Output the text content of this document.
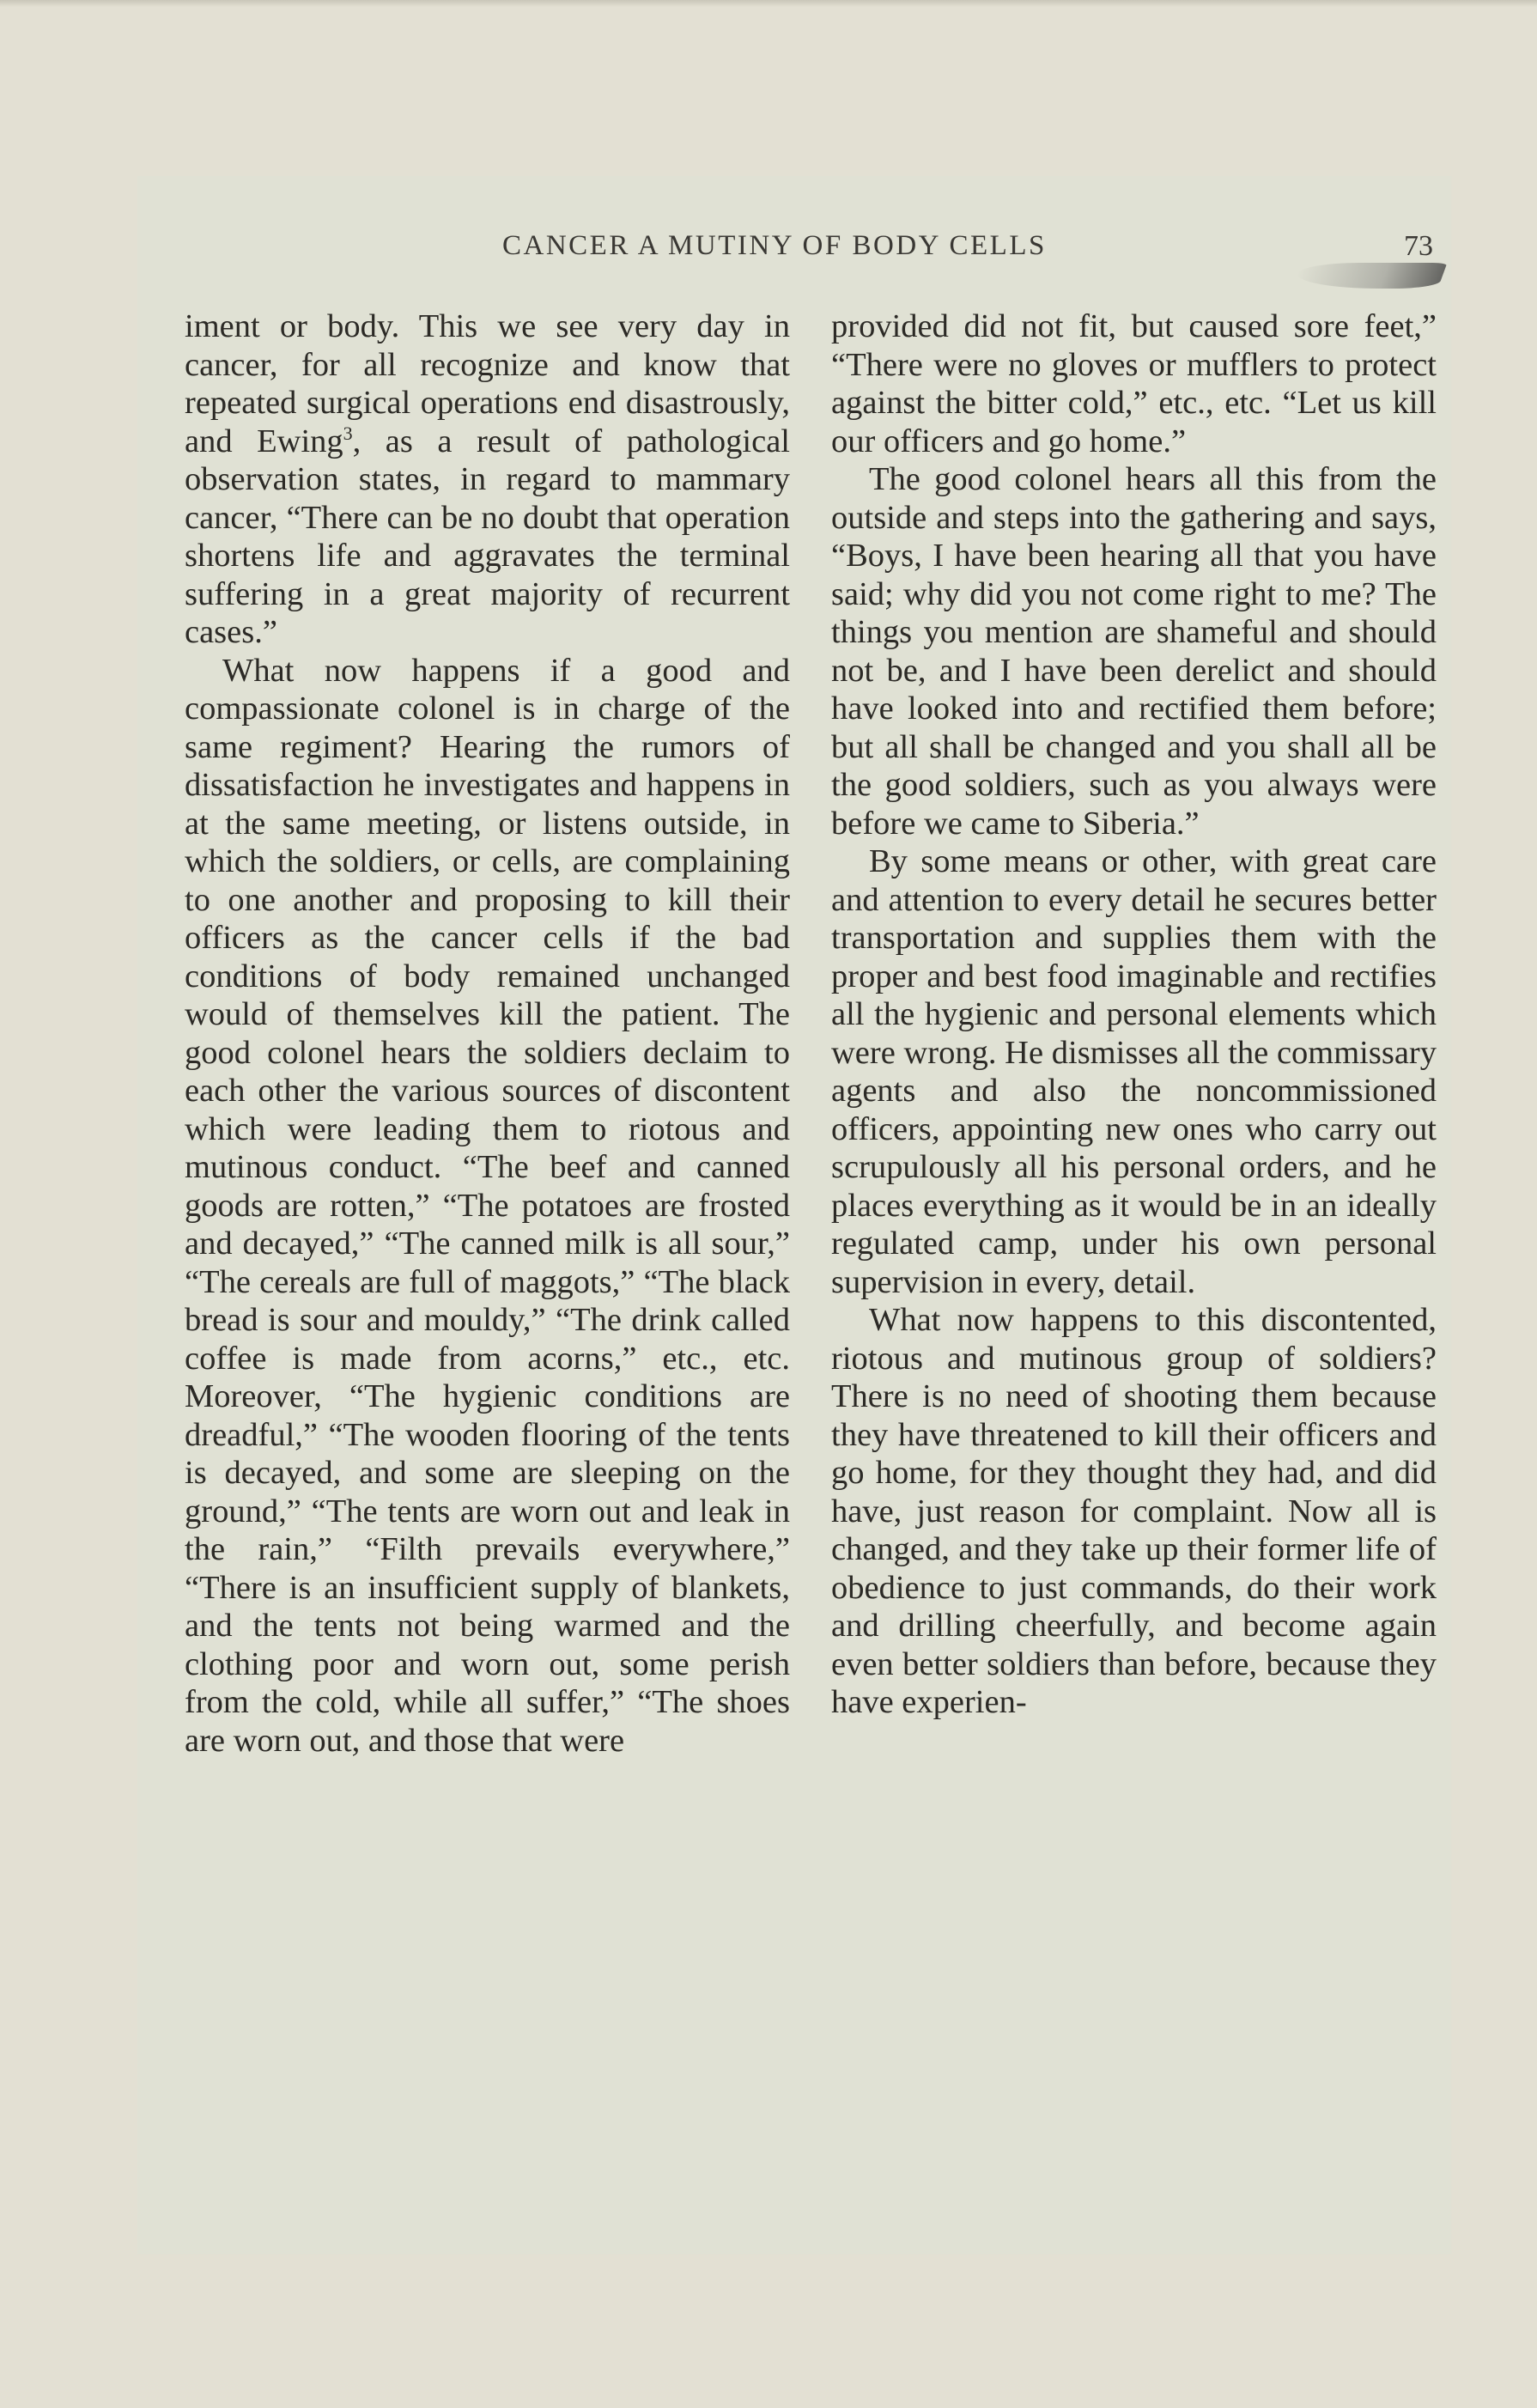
CANCER A MUTINY OF BODY CELLS	73

iment or body. This we see very day in cancer, for all recognize and know that repeated surgical operations end disastrously, and Ewing$^3$, as a result of pathological observation states, in regard to mammary cancer, “There can be no doubt that operation shortens life and aggravates the terminal suffering in a great majority of recurrent cases.”

What now happens if a good and compassionate colonel is in charge of the same regiment? Hearing the rumors of dissatisfaction he investigates and happens in at the same meeting, or listens outside, in which the soldiers, or cells, are complaining to one another and proposing to kill their officers as the cancer cells if the bad conditions of body remained unchanged would of themselves kill the patient. The good colonel hears the soldiers declaim to each other the various sources of discontent which were leading them to riotous and mutinous conduct. “The beef and canned goods are rotten,” “The potatoes are frosted and decayed,” “The canned milk is all sour,” “The cereals are full of maggots,” “The black bread is sour and mouldy,” “The drink called coffee is made from acorns,” etc., etc. Moreover, “The hygienic conditions are dreadful,” “The wooden flooring of the tents is decayed, and some are sleeping on the ground,” “The tents are worn out and leak in the rain,” “Filth prevails everywhere,” “There is an insufficient supply of blankets, and the tents not being warmed and the clothing poor and worn out, some perish from the cold, while all suffer,” “The shoes are worn out, and those that were

provided did not fit, but caused sore feet,” “There were no gloves or mufflers to protect against the bitter cold,” etc., etc. “Let us kill our officers and go home.”

The good colonel hears all this from the outside and steps into the gathering and says, “Boys, I have been hearing all that you have said; why did you not come right to me? The things you mention are shameful and should not be, and I have been derelict and should have looked into and rectified them before; but all shall be changed and you shall all be the good soldiers, such as you always were before we came to Siberia.”

By some means or other, with great care and attention to every detail he secures better transportation and supplies them with the proper and best food imaginable and rectifies all the hygienic and personal elements which were wrong. He dismisses all the commissary agents and also the noncommissioned officers, appointing new ones who carry out scrupulously all his personal orders, and he places everything as it would be in an ideally regulated camp, under his own personal supervision in every, detail.

What now happens to this discontented, riotous and mutinous group of soldiers? There is no need of shooting them because they have threatened to kill their officers and go home, for they thought they had, and did have, just reason for complaint. Now all is changed, and they take up their former life of obedience to just commands, do their work and drilling cheerfully, and become again even better soldiers than before, because they have experien-
